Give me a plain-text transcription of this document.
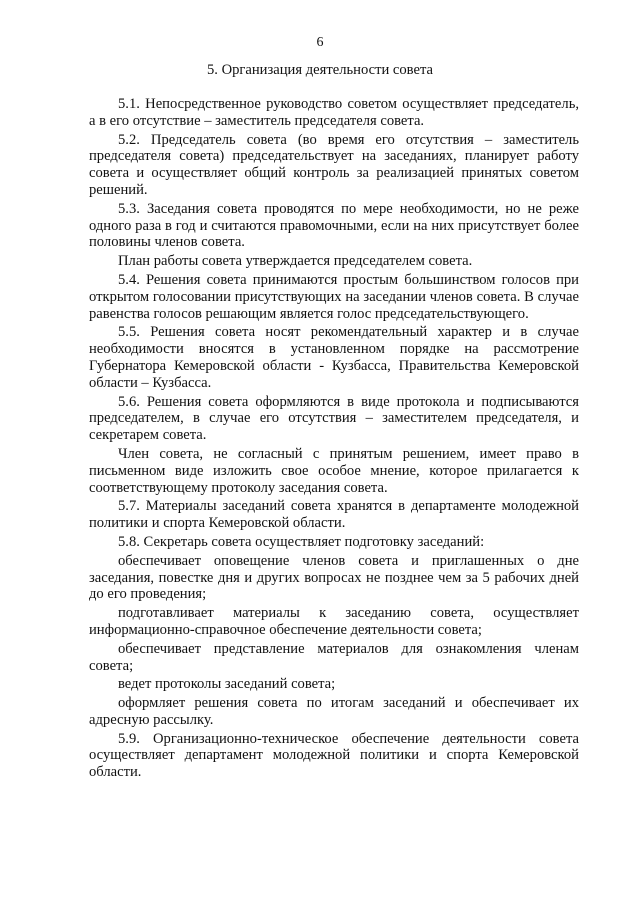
6
5. Организация деятельности совета

5.1. Непосредственное руководство советом осуществляет председатель, а в его отсутствие – заместитель председателя совета.

5.2. Председатель совета (во время его отсутствия – заместитель председателя совета) председательствует на заседаниях, планирует работу совета и осуществляет общий контроль за реализацией принятых советом решений.

5.3. Заседания совета проводятся по мере необходимости, но не реже одного раза в год и считаются правомочными, если на них присутствует более половины членов совета.

План работы совета утверждается председателем совета.

5.4. Решения совета принимаются простым большинством голосов при открытом голосовании присутствующих на заседании членов совета. В случае равенства голосов решающим является голос председательствующего.

5.5. Решения совета носят рекомендательный характер и в случае необходимости вносятся в установленном порядке на рассмотрение Губернатора Кемеровской области - Кузбасса, Правительства Кемеровской области – Кузбасса.

5.6. Решения совета оформляются в виде протокола и подписываются председателем, в случае его отсутствия – заместителем председателя, и секретарем совета.

Член совета, не согласный с принятым решением, имеет право в письменном виде изложить свое особое мнение, которое прилагается к соответствующему протоколу заседания совета.

5.7. Материалы заседаний совета хранятся в департаменте молодежной политики и спорта Кемеровской области.

5.8. Секретарь совета осуществляет подготовку заседаний:

обеспечивает оповещение членов совета и приглашенных о дне заседания, повестке дня и других вопросах не позднее чем за 5 рабочих дней до его проведения;

подготавливает материалы к заседанию совета, осуществляет информационно-справочное обеспечение деятельности совета;

обеспечивает представление материалов для ознакомления членам совета;

ведет протоколы заседаний совета;

оформляет решения совета по итогам заседаний и обеспечивает их адресную рассылку.

5.9. Организационно-техническое обеспечение деятельности совета осуществляет департамент молодежной политики и спорта Кемеровской области.
